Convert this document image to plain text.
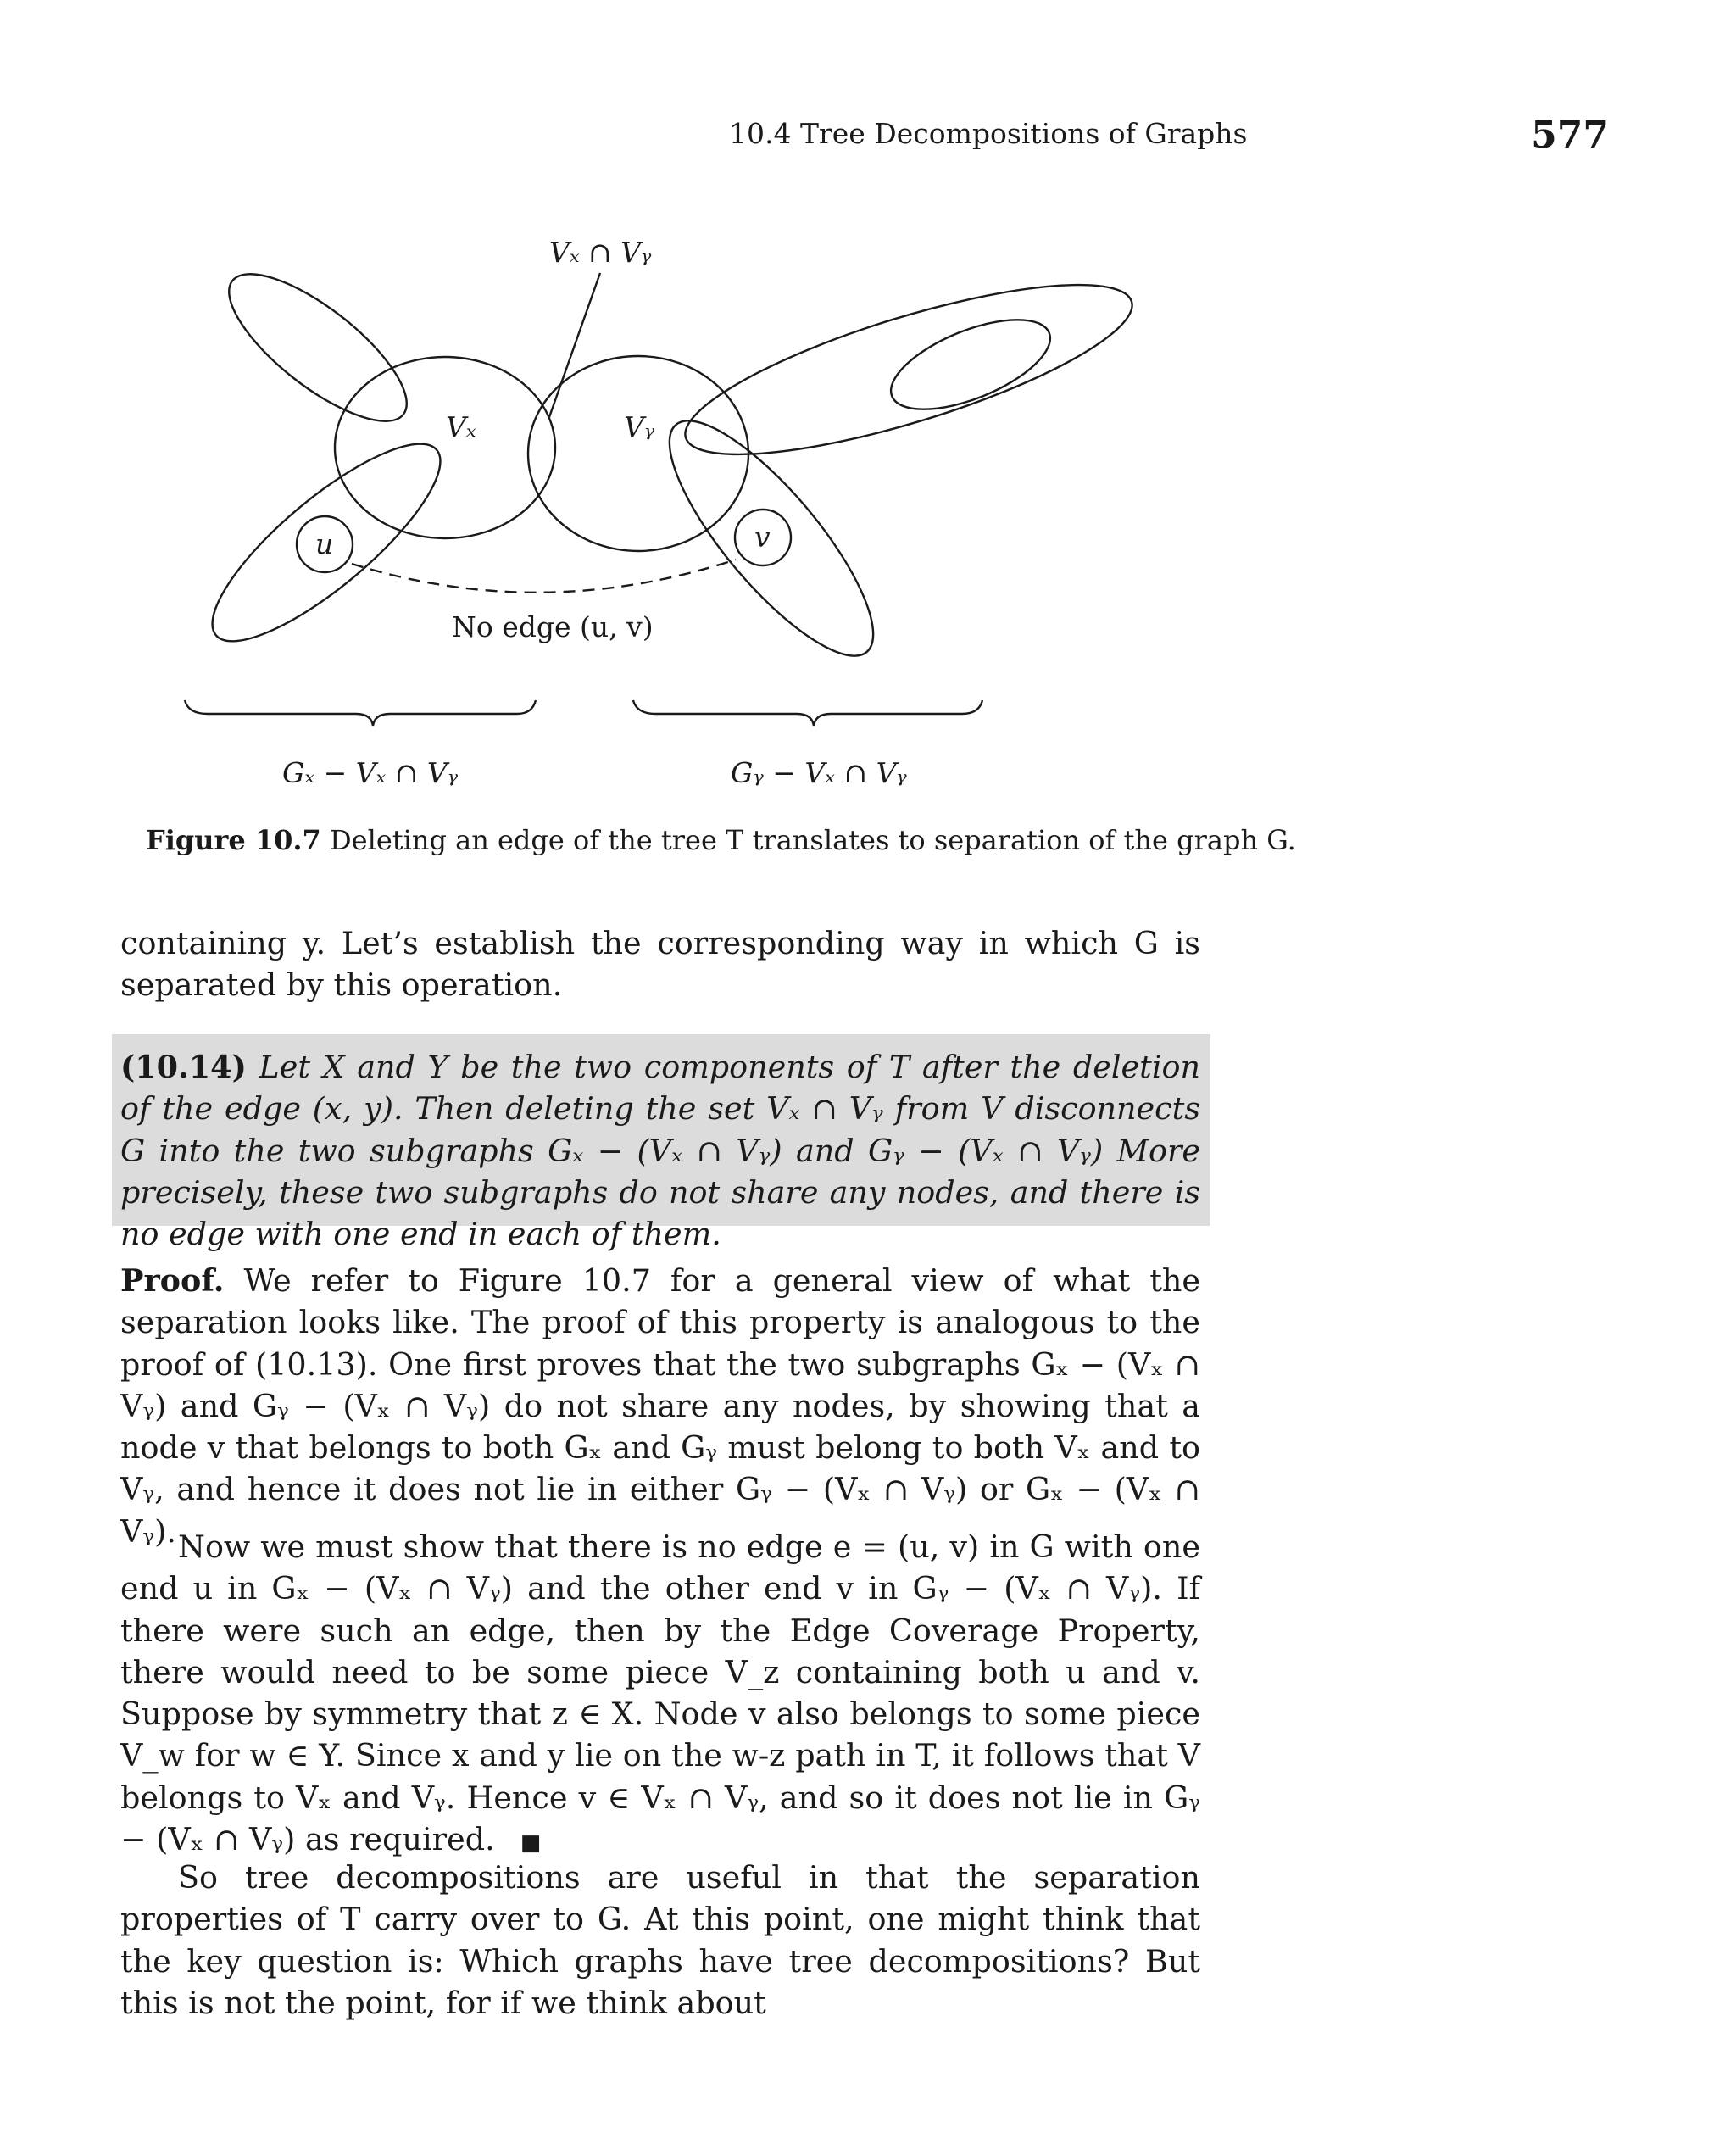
10.4 Tree Decompositions of Graphs	577
Vₓ ∩ Vᵧ
Vₓ	Vᵧ
u	v
No edge (u, v)
Gₓ − Vₓ ∩ Vᵧ	Gᵧ − Vₓ ∩ Vᵧ
Figure 10.7 Deleting an edge of the tree T translates to separation of the graph G.
containing y. Let’s establish the corresponding way in which G is separated by this operation.
(10.14) Let X and Y be the two components of T after the deletion of the edge (x, y). Then deleting the set Vₓ ∩ Vᵧ from V disconnects G into the two subgraphs Gₓ − (Vₓ ∩ Vᵧ) and Gᵧ − (Vₓ ∩ Vᵧ) More precisely, these two subgraphs do not share any nodes, and there is no edge with one end in each of them.
Proof. We refer to Figure 10.7 for a general view of what the separation looks like. The proof of this property is analogous to the proof of (10.13). One first proves that the two subgraphs Gₓ − (Vₓ ∩ Vᵧ) and Gᵧ − (Vₓ ∩ Vᵧ) do not share any nodes, by showing that a node v that belongs to both Gₓ and Gᵧ must belong to both Vₓ and to Vᵧ, and hence it does not lie in either Gᵧ − (Vₓ ∩ Vᵧ) or Gₓ − (Vₓ ∩ Vᵧ). Now we must show that there is no edge e = (u, v) in G with one end u in Gₓ − (Vₓ ∩ Vᵧ) and the other end v in Gᵧ − (Vₓ ∩ Vᵧ). If there were such an edge, then by the Edge Coverage Property, there would need to be some piece V_z containing both u and v. Suppose by symmetry that z ∈ X. Node v also belongs to some piece V_w for w ∈ Y. Since x and y lie on the w-z path in T, it follows that V belongs to Vₓ and Vᵧ. Hence v ∈ Vₓ ∩ Vᵧ, and so it does not lie in Gᵧ − (Vₓ ∩ Vᵧ) as required. ■
So tree decompositions are useful in that the separation properties of T carry over to G. At this point, one might think that the key question is: Which graphs have tree decompositions? But this is not the point, for if we think about
